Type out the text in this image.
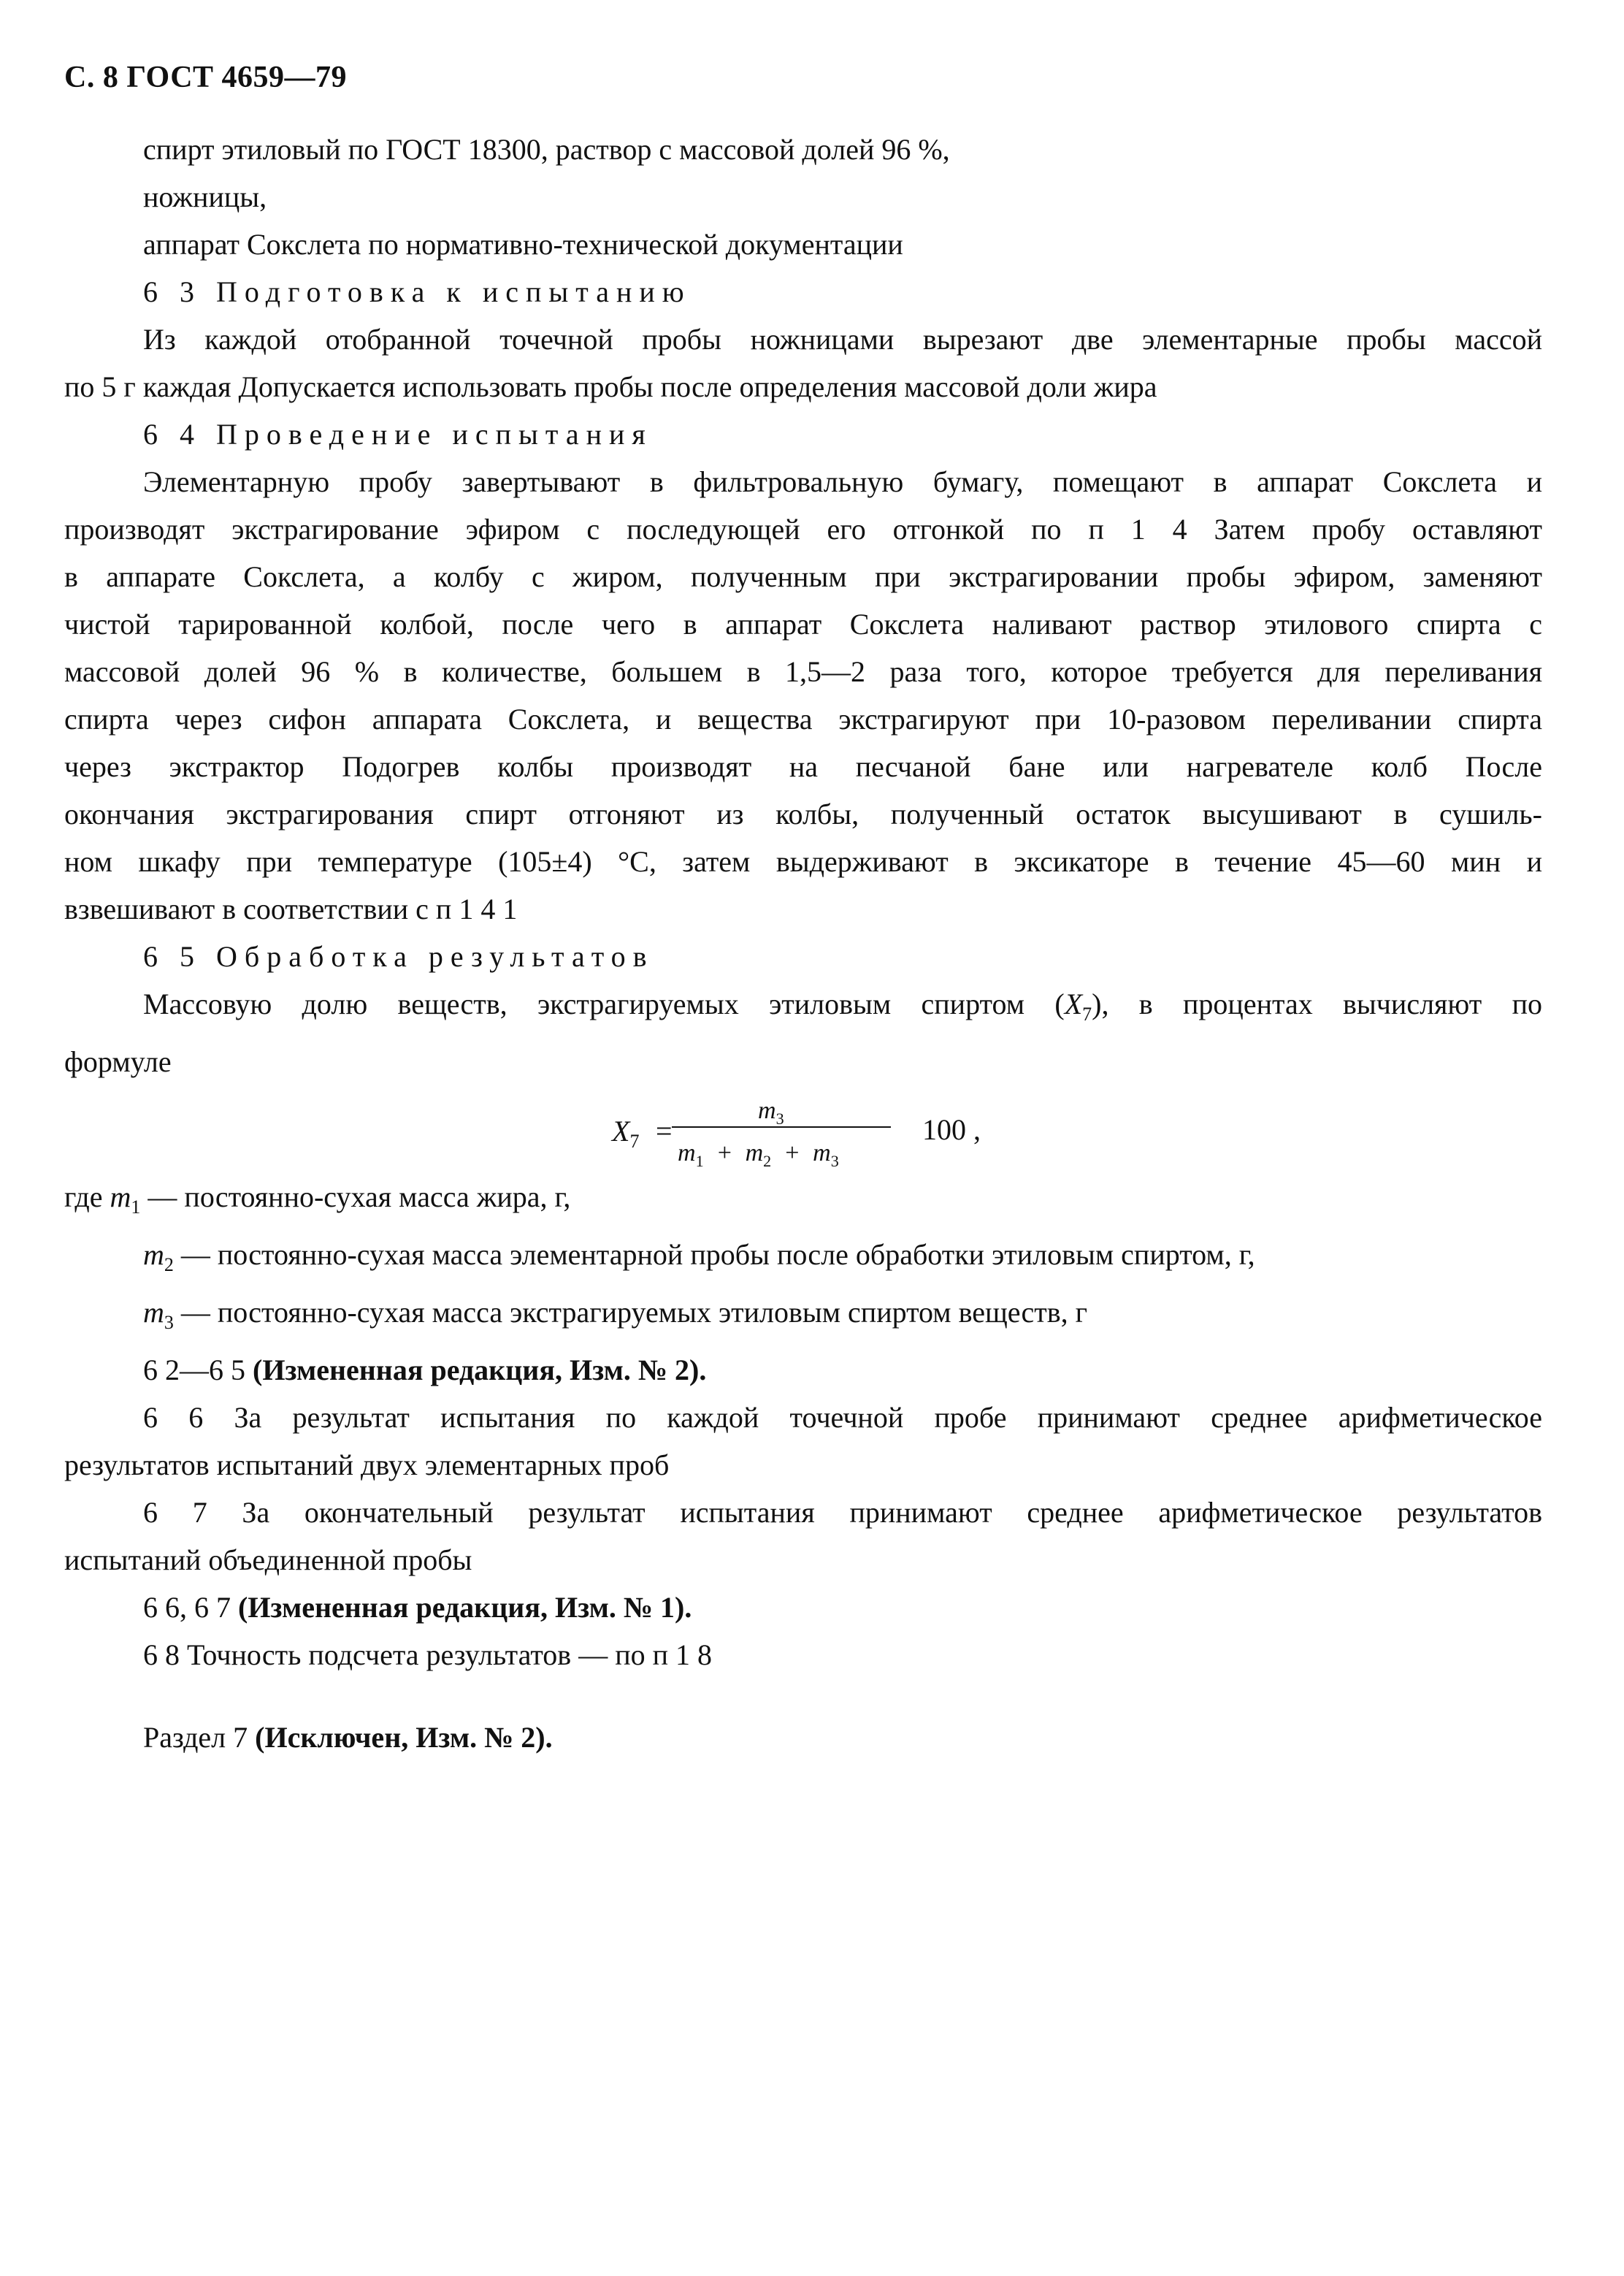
С. 8 ГОСТ 4659—79

спирт этиловый по ГОСТ 18300, раствор с массовой долей 96 %,

ножницы,

аппарат Сокслета по нормативно-технической документации

6 3 Подготовка к испытанию

Из каждой отобранной точечной пробы ножницами вырезают две элементарные пробы массой

по 5 г каждая Допускается использовать пробы после определения массовой доли жира

6 4 Проведение испытания

Элементарную пробу завертывают в фильтровальную бумагу, помещают в аппарат Сокслета и

производят экстрагирование эфиром с последующей его отгонкой по п 1 4 Затем пробу оставляют

в аппарате Сокслета, а колбу с жиром, полученным при экстрагировании пробы эфиром, заменяют

чистой тарированной колбой, после чего в аппарат Сокслета наливают раствор этилового спирта с

массовой долей 96 % в количестве, большем в 1,5—2 раза того, которое требуется для переливания

спирта через сифон аппарата Сокслета, и вещества экстрагируют при 10-разовом переливании спирта

через экстрактор Подогрев колбы производят на песчаной бане или нагревателе колб После

окончания экстрагирования спирт отгоняют из колбы, полученный остаток высушивают в сушиль-

ном шкафу при температуре (105±4) °С, затем выдерживают в эксикаторе в течение 45—60 мин и

взвешивают в соответствии с п 1 4 1

6 5 Обработка результатов

Массовую долю веществ, экстрагируемых этиловым спиртом $(X_7)$, в процентах вычисляют по

формуле

$X_7$ =
$m_3$
$m_1 + m_2 + m_3$
100 ,

где $m_1$ — постоянно-сухая масса жира, г,

$m_2$ — постоянно-сухая масса элементарной пробы после обработки этиловым спиртом, г,

$m_3$ — постоянно-сухая масса экстрагируемых этиловым спиртом веществ, г

6 2—6 5 (Измененная редакция, Изм. № 2).

6 6 За результат испытания по каждой точечной пробе принимают среднее арифметическое

результатов испытаний двух элементарных проб

6 7 За окончательный результат испытания принимают среднее арифметическое результатов

испытаний объединенной пробы

6 6, 6 7 (Измененная редакция, Изм. № 1).

6 8 Точность подсчета результатов — по п 1 8

Раздел 7 (Исключен, Изм. № 2).
